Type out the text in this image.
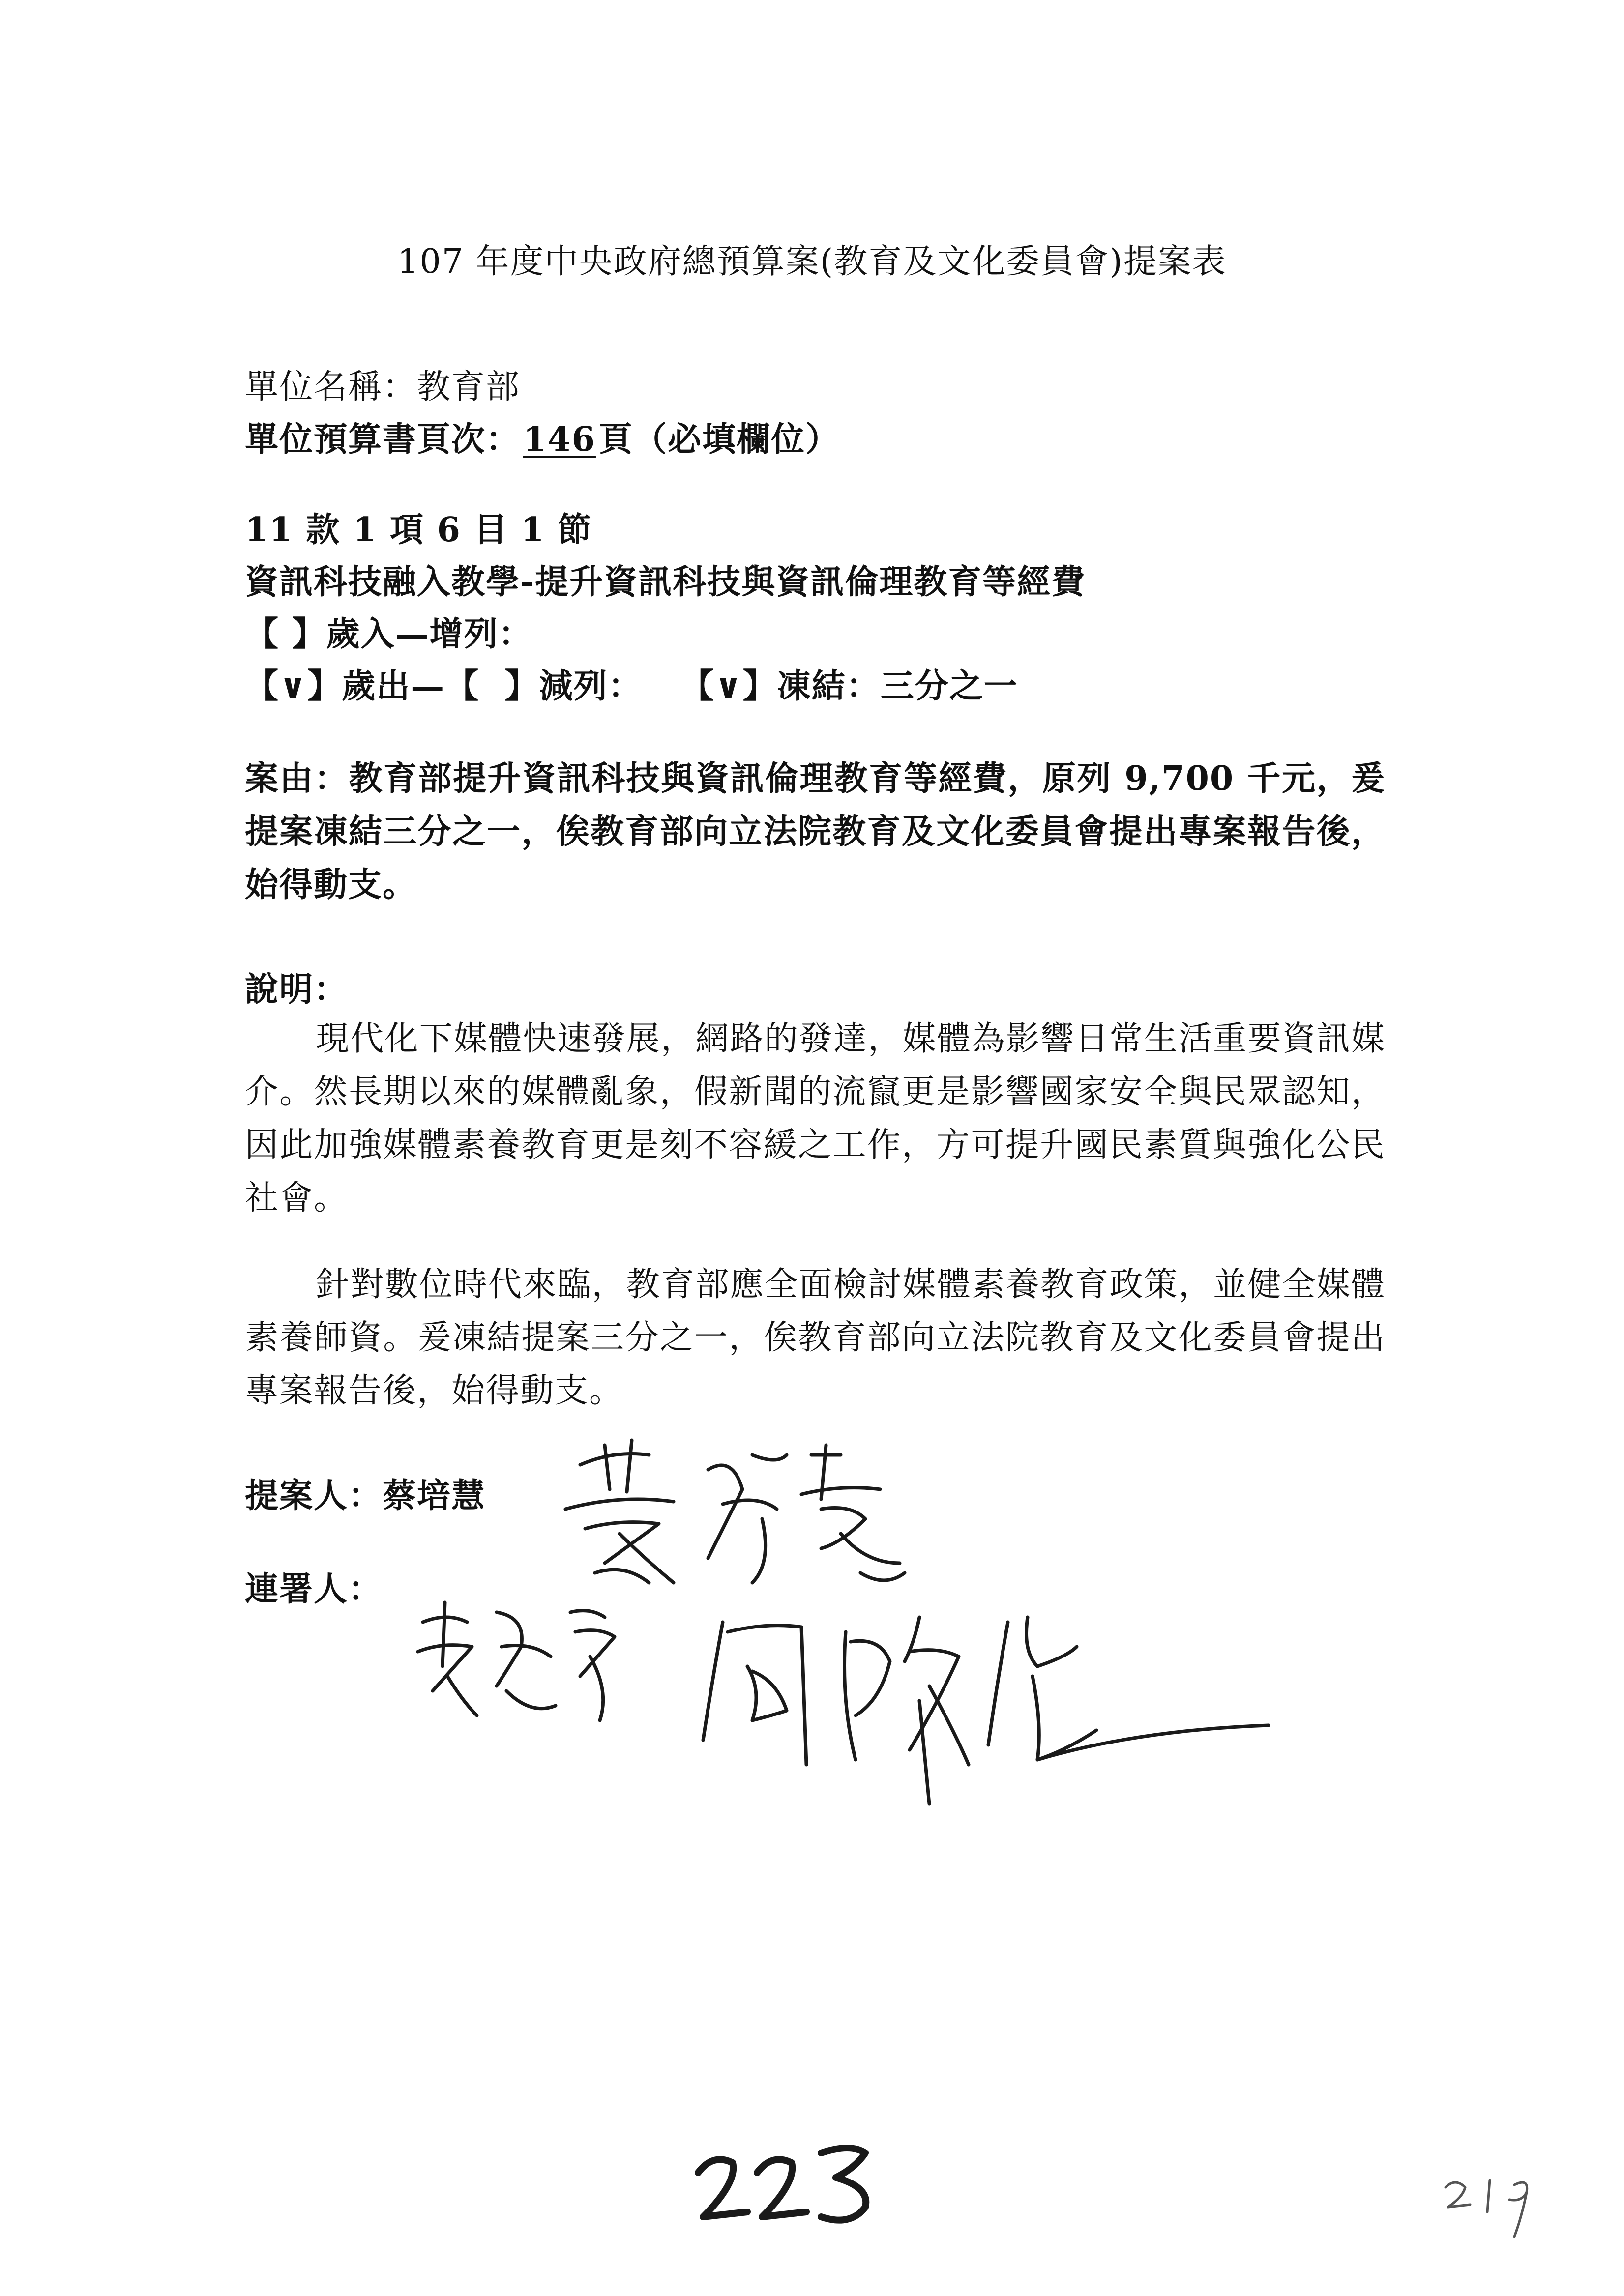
107 年度中央政府總預算案(教育及文化委員會)提案表
單位名稱：教育部
單位預算書頁次：146頁（必填欄位）
11 款 1 項 6 目 1 節
資訊科技融入教學-提升資訊科技與資訊倫理教育等經費
【 】歲入—增列：
【∨】歲出—【  】減列：   【∨】凍結：三分之一
案由：教育部提升資訊科技與資訊倫理教育等經費，原列 9,700 千元，爰提案凍結三分之一，俟教育部向立法院教育及文化委員會提出專案報告後，始得動支。
說明：
現代化下媒體快速發展，網路的發達，媒體為影響日常生活重要資訊媒介。然長期以來的媒體亂象，假新聞的流竄更是影響國家安全與民眾認知，因此加強媒體素養教育更是刻不容緩之工作，方可提升國民素質與強化公民社會。
針對數位時代來臨，教育部應全面檢討媒體素養教育政策，並健全媒體素養師資。爰凍結提案三分之一，俟教育部向立法院教育及文化委員會提出專案報告後，始得動支。
提案人：蔡培慧
連署人：
